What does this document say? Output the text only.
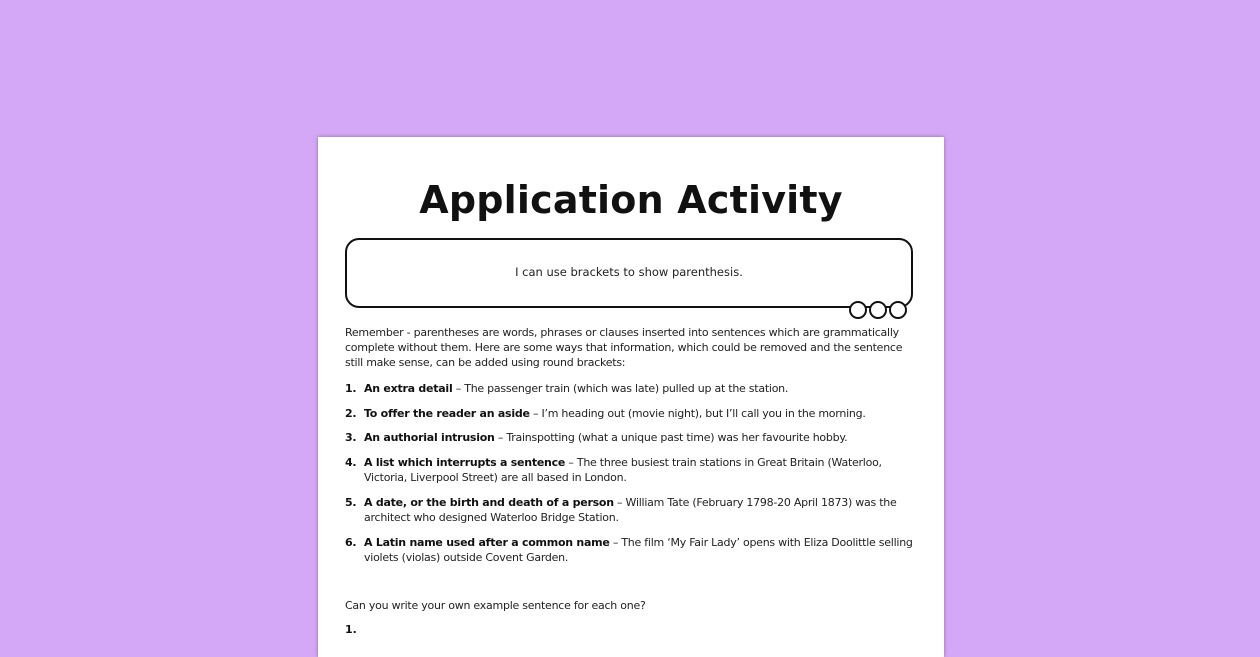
Application Activity
I can use brackets to show parenthesis.
Remember - parentheses are words, phrases or clauses inserted into sentences which are grammatically complete without them. Here are some ways that information, which could be removed and the sentence still make sense, can be added using round brackets:
1. An extra detail – The passenger train (which was late) pulled up at the station.
2. To offer the reader an aside – I’m heading out (movie night), but I’ll call you in the morning.
3. An authorial intrusion – Trainspotting (what a unique past time) was her favourite hobby.
4. A list which interrupts a sentence – The three busiest train stations in Great Britain (Waterloo, Victoria, Liverpool Street) are all based in London.
5. A date, or the birth and death of a person – William Tate (February 1798-20 April 1873) was the architect who designed Waterloo Bridge Station.
6. A Latin name used after a common name – The film ‘My Fair Lady’ opens with Eliza Doolittle selling violets (violas) outside Covent Garden.
Can you write your own example sentence for each one?
1.
